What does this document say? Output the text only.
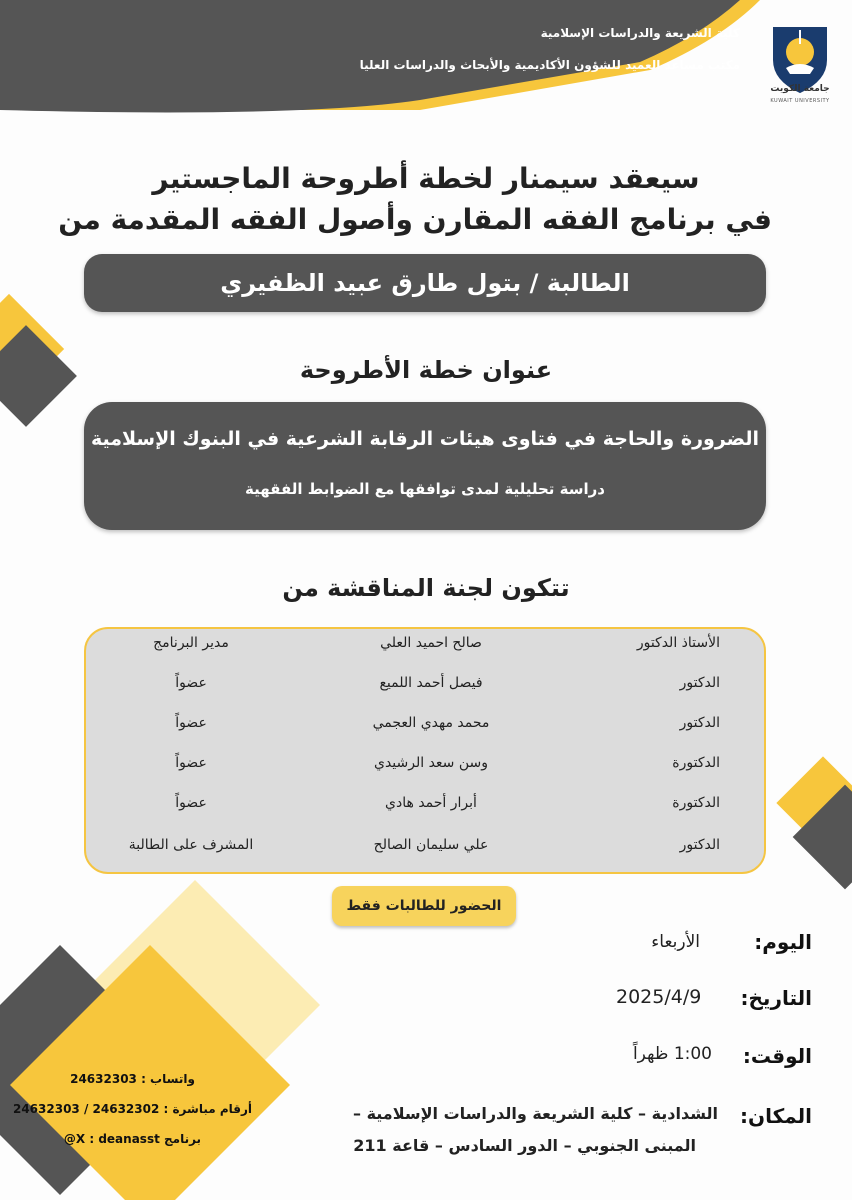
كلية الشريعة والدراسات الإسلامية
مكتب مساعد العميد للشؤون الأكاديمية والأبحاث والدراسات العليا
جامعة الكويت
KUWAIT UNIVERSITY
سيعقد سيمنار لخطة أطروحة الماجستير
في برنامج الفقه المقارن وأصول الفقه المقدمة من
الطالبة / بتول طارق عبيد الظفيري
عنوان خطة الأطروحة
الضرورة والحاجة في فتاوى هيئات الرقابة الشرعية في البنوك الإسلامية
دراسة تحليلية لمدى توافقها مع الضوابط الفقهية
تتكون لجنة المناقشة من
الأستاذ الدكتور
صالح احميد العلي
مدير البرنامج
الدكتور
فيصل أحمد اللميع
عضواً
الدكتور
محمد مهدي العجمي
عضواً
الدكتورة
وسن سعد الرشيدي
عضواً
الدكتورة
أبرار أحمد هادي
عضواً
الدكتور
علي سليمان الصالح
المشرف على الطالبة
الحضور للطالبات فقط
اليوم:
الأربعاء
التاريخ:
2025/4/9
الوقت:
1:00 ظهراً
المكان:
الشدادية – كلية الشريعة والدراسات الإسلامية –
المبنى الجنوبي – الدور السادس – قاعة 211
واتساب : 24632303
أرقام مباشرة : 24632302 / 24632303
برنامج X : deanasst@
